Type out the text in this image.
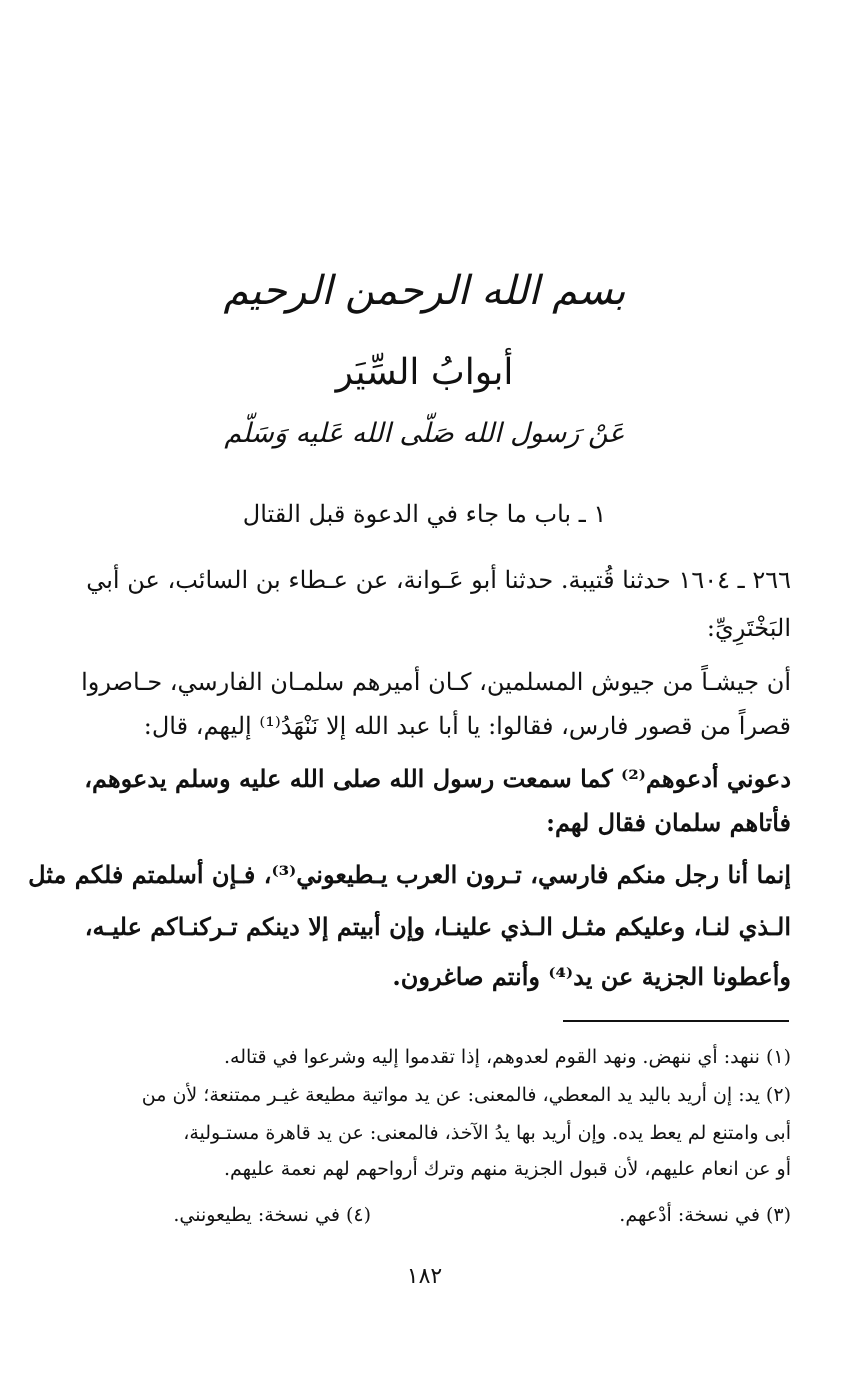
بسم الله الرحمن الرحيم
أبوابُ السِّيَر
عَنْ رَسول الله صَلّى الله عَليه وَسَلّم
١ ـ باب ما جاء في الدعوة قبل القتال
٢٦٦ ـ ١٦٠٤ حدثنا قُتيبة. حدثنا أبو عَـوانة، عن عـطاء بن السائب، عن أبي
البَخْتَرِيِّ:
أن جيشـاً من جيوش المسلمين، كـان أميرهم سلمـان الفارسي، حـاصروا
قصراً من قصور فارس، فقالوا: يا أبا عبد الله إلا نَنْهَدُ⁽¹⁾ إليهم، قال:
دعوني أدعوهم⁽²⁾ كما سمعت رسول الله صلى الله عليه وسلم يدعوهم،
فأتاهم سلمان فقال لهم:
إنما أنا رجل منكم فارسي، تـرون العرب يـطيعوني⁽³⁾، فـإن أسلمتم فلكم مثل
الـذي لنـا، وعليكم مثـل الـذي علينـا، وإن أبيتم إلا دينكم تـركنـاكم عليـه،
وأعطونا الجزية عن يد⁽⁴⁾ وأنتم صاغرون.
(١) ننهد: أي ننهض. ونهد القوم لعدوهم، إذا تقدموا إليه وشرعوا في قتاله.
(٢) يد: إن أريد باليد يد المعطي، فالمعنى: عن يد مواتية مطيعة غيـر ممتنعة؛ لأن من
أبى وامتنع لم يعط يده. وإن أريد بها يدُ الآخذ، فالمعنى: عن يد قاهرة مستـولية،
أو عن انعام عليهم، لأن قبول الجزية منهم وترك أرواحهم لهم نعمة عليهم.
(٣) في نسخة: أدْعهم.
(٤) في نسخة: يطيعونني.
١٨٢
